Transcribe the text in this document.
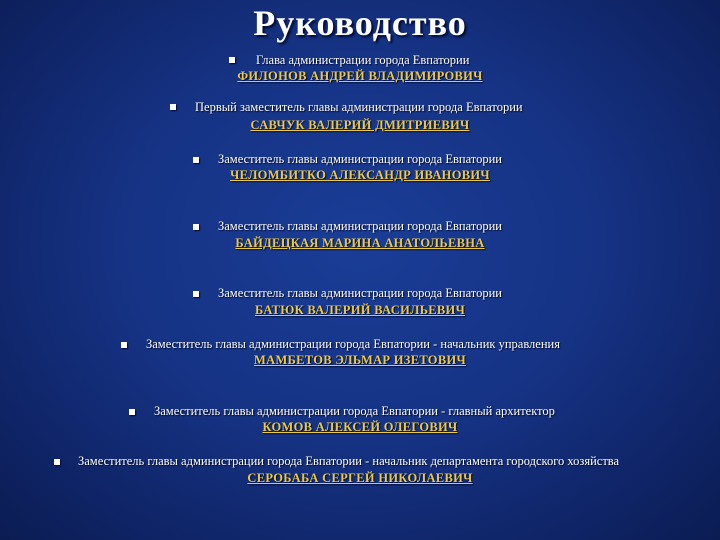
Руководство
Глава администрации города Евпатории
ФИЛОНОВ АНДРЕЙ ВЛАДИМИРОВИЧ
Первый заместитель главы администрации города Евпатории
САВЧУК ВАЛЕРИЙ ДМИТРИЕВИЧ
Заместитель главы администрации города Евпатории
ЧЕЛОМБИТКО АЛЕКСАНДР ИВАНОВИЧ
Заместитель главы администрации города Евпатории
БАЙДЕЦКАЯ МАРИНА АНАТОЛЬЕВНА
Заместитель главы администрации города Евпатории
БАТЮК ВАЛЕРИЙ ВАСИЛЬЕВИЧ
Заместитель главы администрации города Евпатории - начальник управления
МАМБЕТОВ ЭЛЬМАР ИЗЕТОВИЧ
Заместитель главы администрации города Евпатории - главный архитектор
КОМОВ АЛЕКСЕЙ ОЛЕГОВИЧ
Заместитель главы администрации города Евпатории - начальник департамента городского хозяйства
СЕРОБАБА СЕРГЕЙ НИКОЛАЕВИЧ
